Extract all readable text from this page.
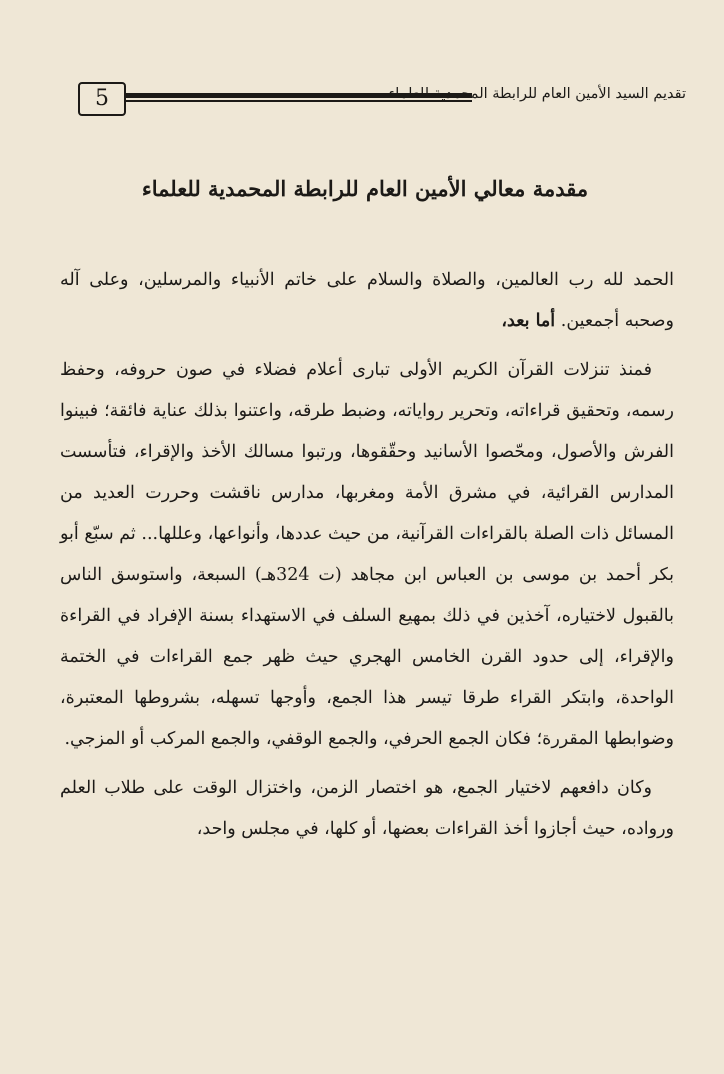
5	تقديم السيد الأمين العام للرابطة المحمدية للعلماء
مقدمة معالي الأمين العام للرابطة المحمدية للعلماء

الحمد لله رب العالمين، والصلاة والسلام على خاتم الأنبياء والمرسلين، وعلى آله وصحبه أجمعين. أما بعد،

فمنذ تنزلات القرآن الكريم الأولى تبارى أعلام فضلاء في صون حروفه، وحفظ رسمه، وتحقيق قراءاته، وتحرير رواياته، وضبط طرقه، واعتنوا بذلك عناية فائقة؛ فبينوا الفرش والأصول، ومحّصوا الأسانيد وحقّقوها، ورتبوا مسالك الأخذ والإقراء، فتأسست المدارس القرائية، في مشرق الأمة ومغربها، مدارس ناقشت وحررت العديد من المسائل ذات الصلة بالقراءات القرآنية، من حيث عددها، وأنواعها، وعللها... ثم سبّع أبو بكر أحمد بن موسى بن العباس ابن مجاهد (ت 324هـ) السبعة، واستوسق الناس بالقبول لاختياره، آخذين في ذلك بمهيع السلف في الاستهداء بسنة الإفراد في القراءة والإقراء، إلى حدود القرن الخامس الهجري حيث ظهر جمع القراءات في الختمة الواحدة، وابتكر القراء طرقا تيسر هذا الجمع، وأوجها تسهله، بشروطها المعتبرة، وضوابطها المقررة؛ فكان الجمع الحرفي، والجمع الوقفي، والجمع المركب أو المزجي.

وكان دافعهم لاختيار الجمع، هو اختصار الزمن، واختزال الوقت على طلاب العلم ورواده، حيث أجازوا أخذ القراءات بعضها، أو كلها، في مجلس واحد،
